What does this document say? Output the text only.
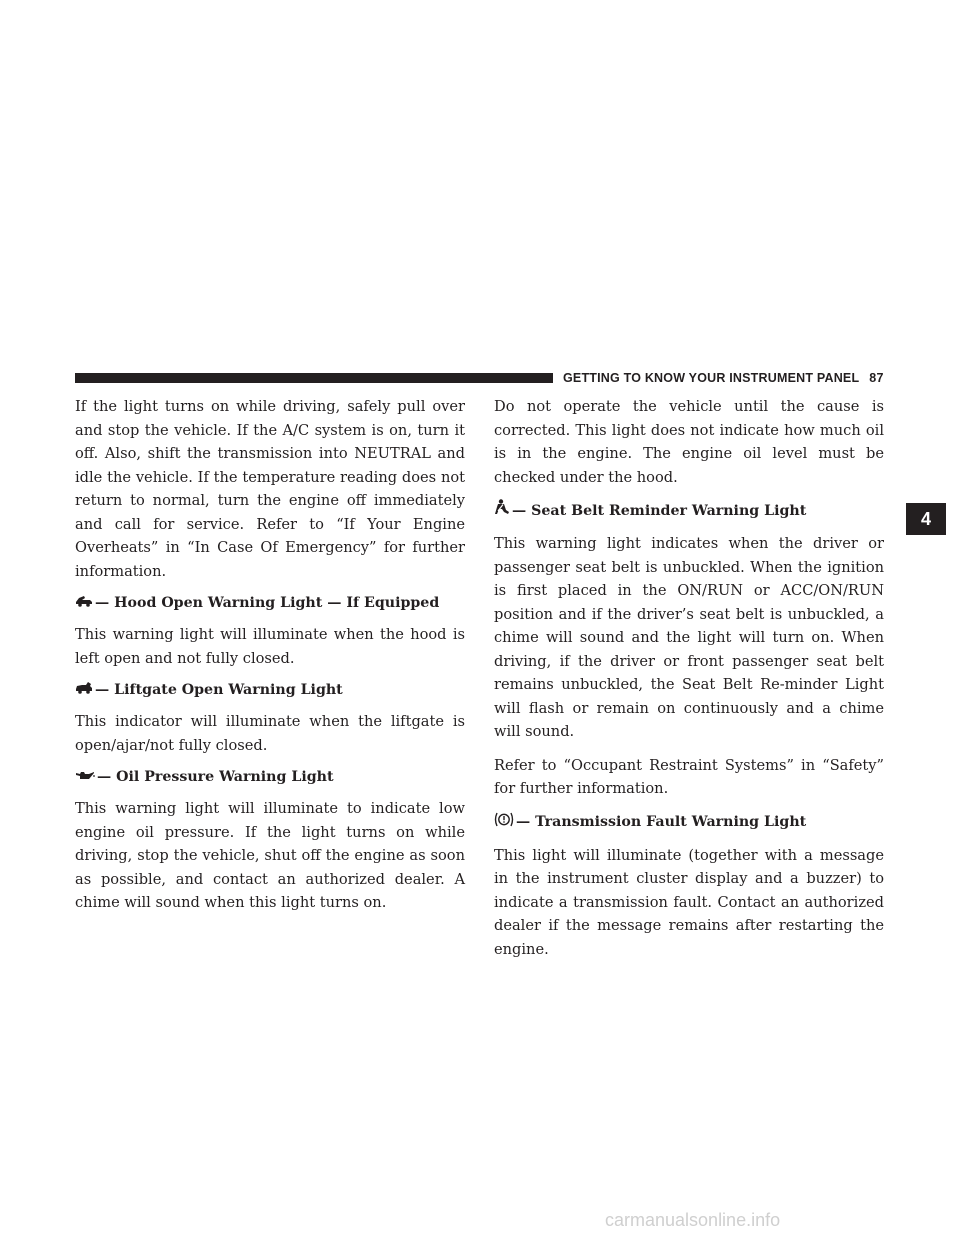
GETTING TO KNOW YOUR INSTRUMENT PANEL 87
4

If the light turns on while driving, safely pull over and stop the vehicle. If the A/C system is on, turn it off. Also, shift the transmission into NEUTRAL and idle the vehicle. If the temperature reading does not return to normal, turn the engine off immediately and call for service. Refer to “If Your Engine Overheats” in “In Case Of Emergency” for further information.

— Hood Open Warning Light — If Equipped

This warning light will illuminate when the hood is left open and not fully closed.

— Liftgate Open Warning Light

This indicator will illuminate when the liftgate is open/ajar/not fully closed.

— Oil Pressure Warning Light

This warning light will illuminate to indicate low engine oil pressure. If the light turns on while driving, stop the vehicle, shut off the engine as soon as possible, and contact an authorized dealer. A chime will sound when this light turns on.

Do not operate the vehicle until the cause is corrected. This light does not indicate how much oil is in the engine. The engine oil level must be checked under the hood.

— Seat Belt Reminder Warning Light

This warning light indicates when the driver or passenger seat belt is unbuckled. When the ignition is first placed in the ON/RUN or ACC/ON/RUN position and if the driver’s seat belt is unbuckled, a chime will sound and the light will turn on. When driving, if the driver or front passenger seat belt remains unbuckled, the Seat Belt Re-minder Light will flash or remain on continuously and a chime will sound.

Refer to “Occupant Restraint Systems” in “Safety” for further information.

— Transmission Fault Warning Light

This light will illuminate (together with a message in the instrument cluster display and a buzzer) to indicate a transmission fault. Contact an authorized dealer if the message remains after restarting the engine.

carmanualsonline.info
